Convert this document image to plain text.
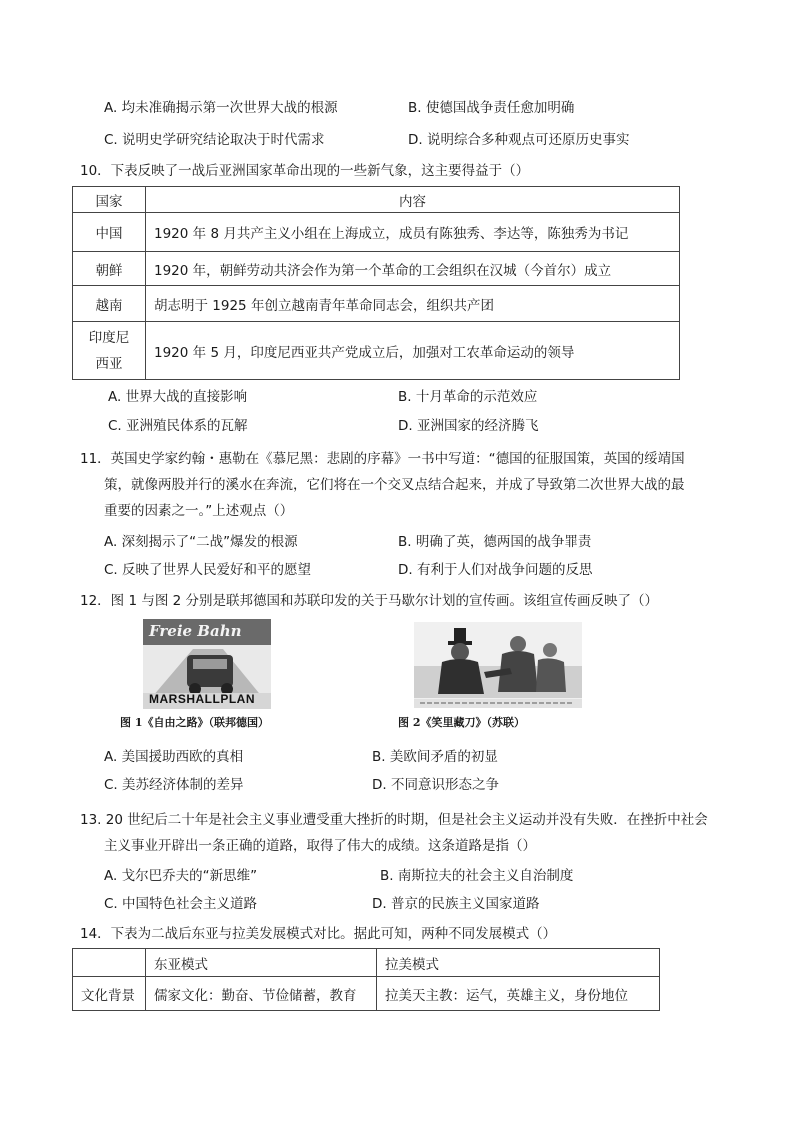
A. 均未准确揭示第一次世界大战的根源	B. 使德国战争责任愈加明确
C. 说明史学研究结论取决于时代需求	D. 说明综合多种观点可还原历史事实
10．下表反映了一战后亚洲国家革命出现的一些新气象，这主要得益于（）
国家	内容
中国	1920 年 8 月共产主义小组在上海成立，成员有陈独秀、李达等，陈独秀为书记
朝鲜	1920 年，朝鲜劳动共济会作为第一个革命的工会组织在汉城（今首尔）成立
越南	胡志明于 1925 年创立越南青年革命同志会，组织共产团

印度尼
西亚	1920 年 5 月，印度尼西亚共产党成立后，加强对工农革命运动的领导
A. 世界大战的直接影响	B. 十月革命的示范效应
C. 亚洲殖民体系的瓦解	D. 亚洲国家的经济腾飞
11．英国史学家约翰・惠勒在《慕尼黑：悲剧的序幕》一书中写道：“德国的征服国策，英国的绥靖国
策，就像两股并行的溪水在奔流，它们将在一个交叉点结合起来，并成了导致第二次世界大战的最
重要的因素之一。”上述观点（）
A. 深刻揭示了“二战”爆发的根源	B. 明确了英，德两国的战争罪责
C. 反映了世界人民爱好和平的愿望	D. 有利于人们对战争问题的反思
12．图 1 与图 2 分别是联邦德国和苏联印发的关于马歇尔计划的宣传画。该组宣传画反映了（）
Freie Bahn
MARSHALLPLAN
图 1《自由之路》（联邦德国）	图 2《笑里藏刀》（苏联）
A. 美国援助西欧的真相	B. 美欧间矛盾的初显
C. 美苏经济体制的差异	D. 不同意识形态之争
13. 20 世纪后二十年是社会主义事业遭受重大挫折的时期，但是社会主义运动并没有失败．在挫折中社会
主义事业开辟出一条正确的道路，取得了伟大的成绩。这条道路是指（）
A. 戈尔巴乔夫的“新思维”	B. 南斯拉夫的社会主义自治制度
C. 中国特色社会主义道路	D. 普京的民族主义国家道路
14．下表为二战后东亚与拉美发展模式对比。据此可知，两种不同发展模式（）
	东亚模式	拉美模式
文化背景	儒家文化：勤奋、节俭储蓄，教育	拉美天主教：运气，英雄主义，身份地位
